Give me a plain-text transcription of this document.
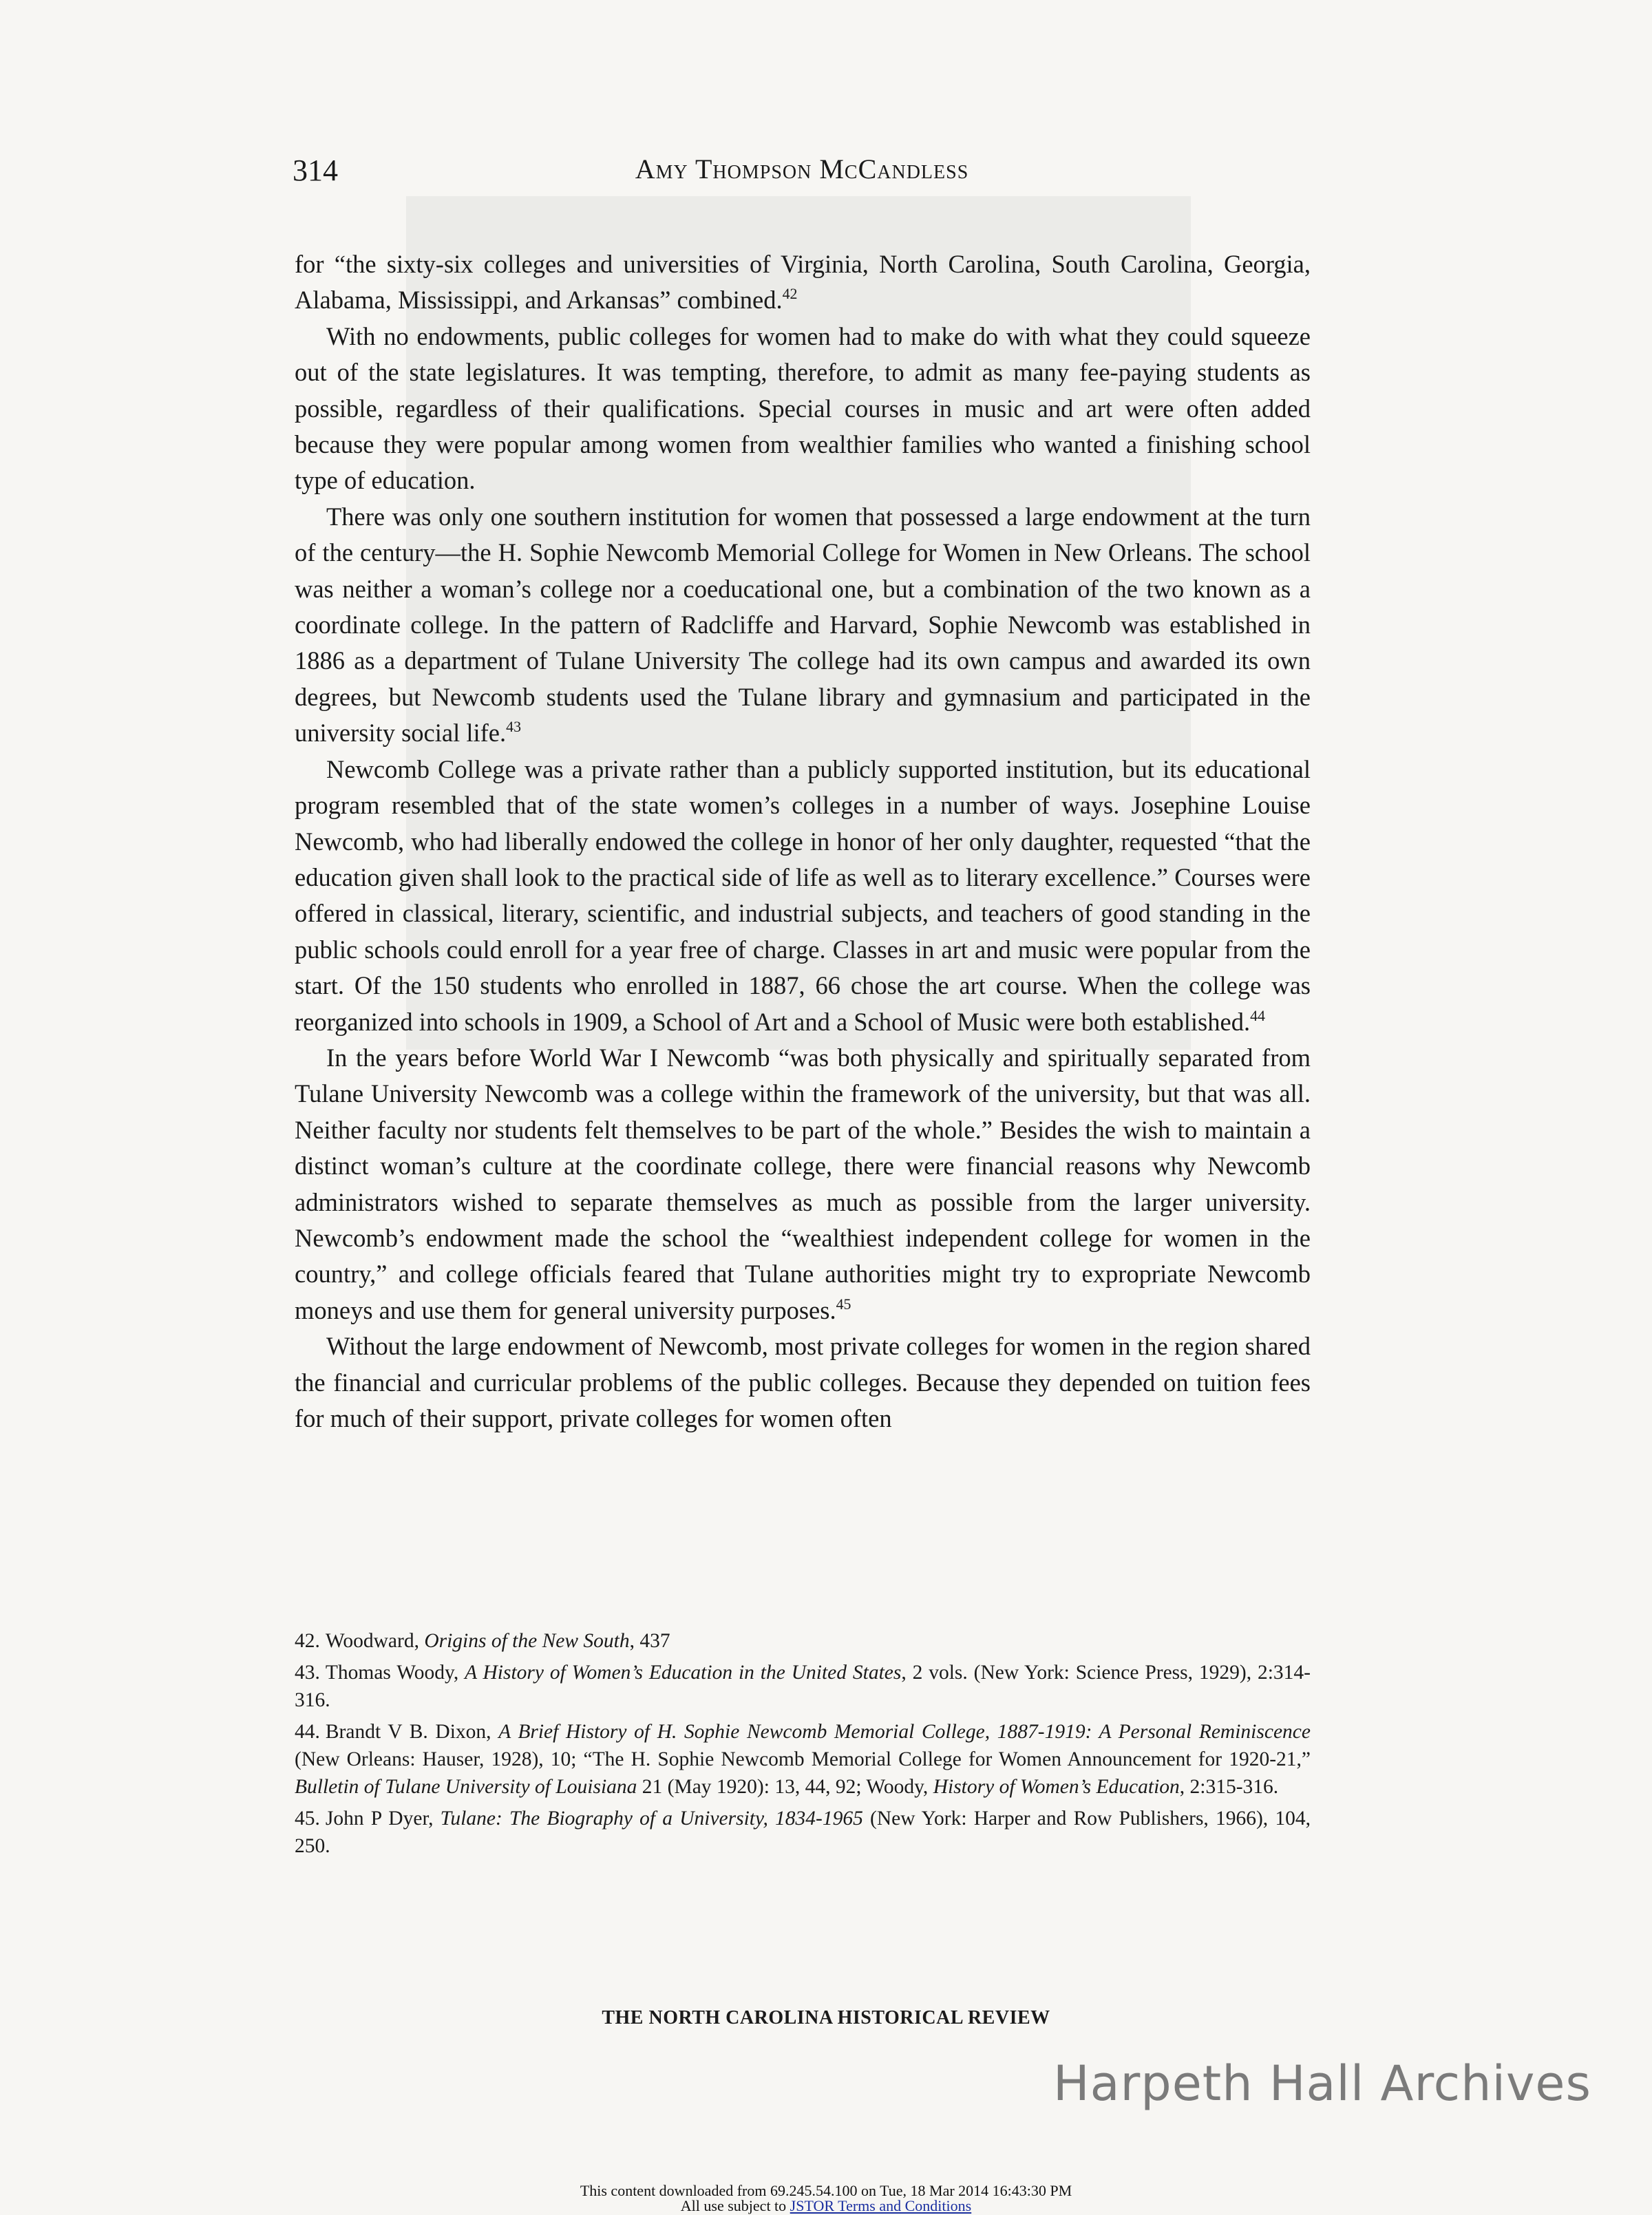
314	Amy Thompson McCandless

for “the sixty-six colleges and universities of Virginia, North Carolina, South Carolina, Georgia, Alabama, Mississippi, and Arkansas” combined.$^{42}$

With no endowments, public colleges for women had to make do with what they could squeeze out of the state legislatures. It was tempting, therefore, to admit as many fee-paying students as possible, regardless of their qualifications. Special courses in music and art were often added because they were popular among women from wealthier families who wanted a finishing school type of education.

There was only one southern institution for women that possessed a large endowment at the turn of the century—the H. Sophie Newcomb Memorial College for Women in New Orleans. The school was neither a woman’s college nor a coeducational one, but a combination of the two known as a coordinate college. In the pattern of Radcliffe and Harvard, Sophie Newcomb was established in 1886 as a department of Tulane University The college had its own campus and awarded its own degrees, but Newcomb students used the Tulane library and gymnasium and participated in the university social life.$^{43}$

Newcomb College was a private rather than a publicly supported institution, but its educational program resembled that of the state women’s colleges in a number of ways. Josephine Louise Newcomb, who had liberally endowed the college in honor of her only daughter, requested “that the education given shall look to the practical side of life as well as to literary excellence.” Courses were offered in classical, literary, scientific, and industrial subjects, and teachers of good standing in the public schools could enroll for a year free of charge. Classes in art and music were popular from the start. Of the 150 students who enrolled in 1887, 66 chose the art course. When the college was reorganized into schools in 1909, a School of Art and a School of Music were both established.$^{44}$

In the years before World War I Newcomb “was both physically and spiritually separated from Tulane University Newcomb was a college within the framework of the university, but that was all. Neither faculty nor students felt themselves to be part of the whole.” Besides the wish to maintain a distinct woman’s culture at the coordinate college, there were financial reasons why Newcomb administrators wished to separate themselves as much as possible from the larger university. Newcomb’s endowment made the school the “wealthiest independent college for women in the country,” and college officials feared that Tulane authorities might try to expropriate Newcomb moneys and use them for general university purposes.$^{45}$

Without the large endowment of Newcomb, most private colleges for women in the region shared the financial and curricular problems of the public colleges. Because they depended on tuition fees for much of their support, private colleges for women often

42. Woodward, Origins of the New South, 437

43. Thomas Woody, A History of Women’s Education in the United States, 2 vols. (New York: Science Press, 1929), 2:314-316.

44. Brandt V B. Dixon, A Brief History of H. Sophie Newcomb Memorial College, 1887-1919: A Personal Reminiscence (New Orleans: Hauser, 1928), 10; “The H. Sophie Newcomb Memorial College for Women Announcement for 1920-21,” Bulletin of Tulane University of Louisiana 21 (May 1920): 13, 44, 92; Woody, History of Women’s Education, 2:315-316.

45. John P Dyer, Tulane: The Biography of a University, 1834-1965 (New York: Harper and Row Publishers, 1966), 104, 250.

THE NORTH CAROLINA HISTORICAL REVIEW
Harpeth Hall Archives
This content downloaded from 69.245.54.100 on Tue, 18 Mar 2014 16:43:30 PM
All use subject to JSTOR Terms and Conditions
